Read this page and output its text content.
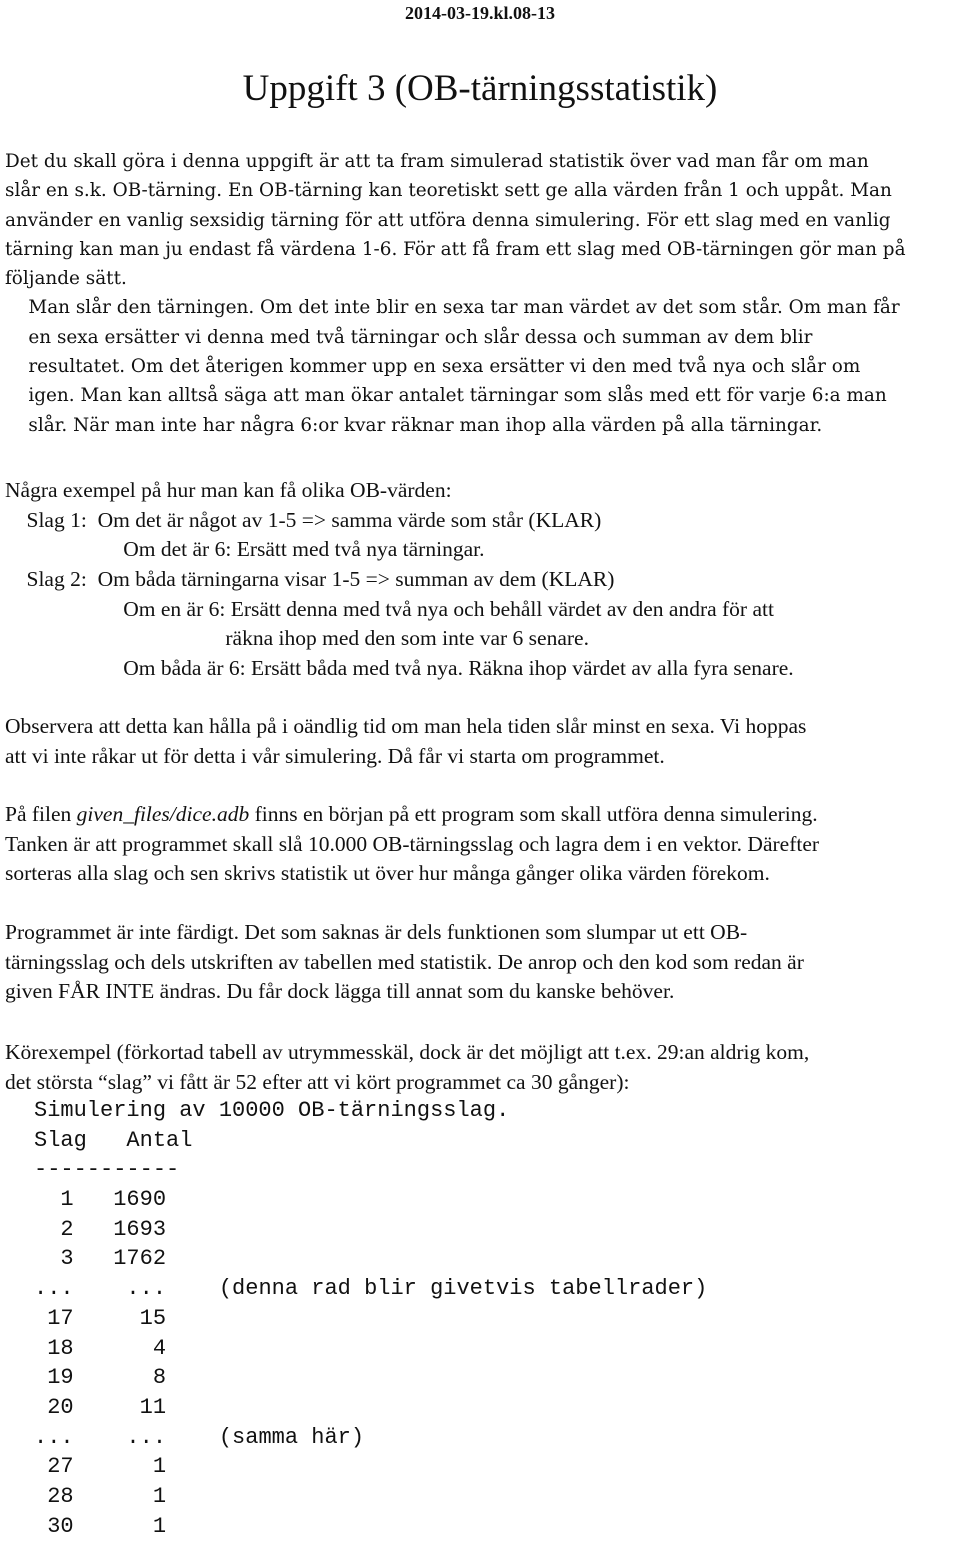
2014-03-19.kl.08-13
Uppgift 3 (OB-tärningsstatistik)
Det du skall göra i denna uppgift är att ta fram simulerad statistik över vad man får om man
slår en s.k. OB-tärning. En OB-tärning kan teoretiskt sett ge alla värden från 1 och uppåt. Man
använder en vanlig sexsidig tärning för att utföra denna simulering. För ett slag med en vanlig
tärning kan man ju endast få värdena 1-6. För att få fram ett slag med OB-tärningen gör man på
följande sätt.
Man slår den tärningen. Om det inte blir en sexa tar man värdet av det som står. Om man får
en sexa ersätter vi denna med två tärningar och slår dessa och summan av dem blir
resultatet. Om det återigen kommer upp en sexa ersätter vi den med två nya och slår om
igen. Man kan alltså säga att man ökar antalet tärningar som slås med ett för varje 6:a man
slår. När man inte har några 6:or kvar räknar man ihop alla värden på alla tärningar.
Några exempel på hur man kan få olika OB-värden:
Slag 1:  Om det är något av 1-5 => samma värde som står (KLAR)
Om det är 6: Ersätt med två nya tärningar.
Slag 2:  Om båda tärningarna visar 1-5 => summan av dem (KLAR)
Om en är 6: Ersätt denna med två nya och behåll värdet av den andra för att
räkna ihop med den som inte var 6 senare.
Om båda är 6: Ersätt båda med två nya. Räkna ihop värdet av alla fyra senare.
Observera att detta kan hålla på i oändlig tid om man hela tiden slår minst en sexa. Vi hoppas
att vi inte råkar ut för detta i vår simulering. Då får vi starta om programmet.
På filen given_files/dice.adb finns en början på ett program som skall utföra denna simulering.
Tanken är att programmet skall slå 10.000 OB-tärningsslag och lagra dem i en vektor. Därefter
sorteras alla slag och sen skrivs statistik ut över hur många gånger olika värden förekom.
Programmet är inte färdigt. Det som saknas är dels funktionen som slumpar ut ett OB-
tärningsslag och dels utskriften av tabellen med statistik. De anrop och den kod som redan är
given FÅR INTE ändras. Du får dock lägga till annat som du kanske behöver.
Körexempel (förkortad tabell av utrymmesskäl, dock är det möjligt att t.ex. 29:an aldrig kom,
det största “slag” vi fått är 52 efter att vi kört programmet ca 30 gånger):
Simulering av 10000 OB-tärningsslag.
Slag Antal
-----------
1 1690
2 1693
3 1762
... ... (denna rad blir givetvis tabellrader)
17	15
18	4
19	8
20	11
... ... (samma här)
27	1
28	1
30	1
